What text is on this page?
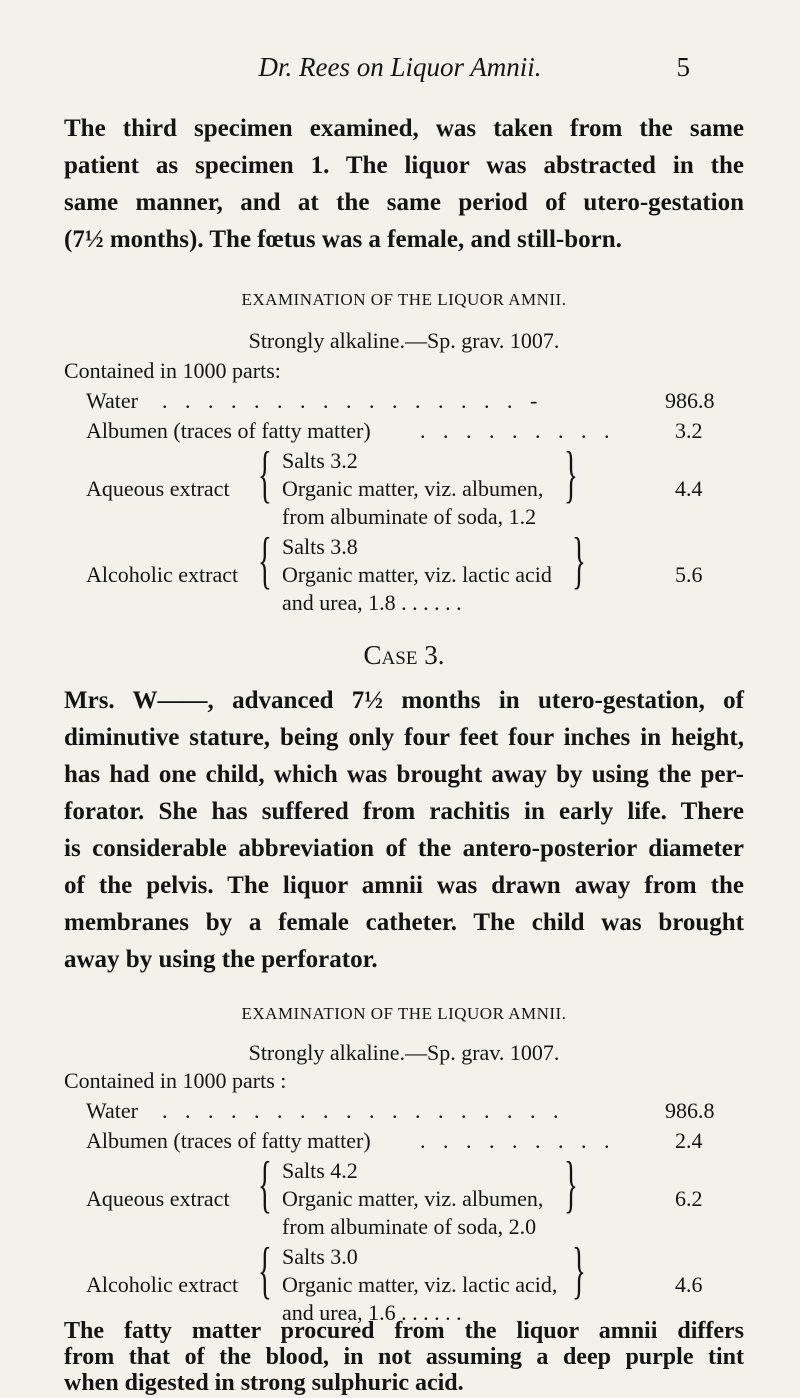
Dr. Rees on Liquor Amnii.	5
The third specimen examined, was taken from the same
patient as specimen 1. The liquor was abstracted in the
same manner, and at the same period of utero-gestation
(7½ months). The fœtus was a female, and still-born.
EXAMINATION OF THE LIQUOR AMNII.
Strongly alkaline.—Sp. grav. 1007.
Contained in 1000 parts:
Water . . . . . . . . . . . . . . . . -	986.8
Albumen (traces of fatty matter) . . . . . . . . .	3.2
Aqueous extract { Salts 3.2
Organic matter, viz. albumen,
from albuminate of soda, 1.2
}	4.4
Alcoholic extract { Salts 3.8
Organic matter, viz. lactic acid
and urea, 1.8 . . . . . .
}	5.6
Case 3.
Mrs. W——, advanced 7½ months in utero-gestation, of
diminutive stature, being only four feet four inches in height,
has had one child, which was brought away by using the per-
forator. She has suffered from rachitis in early life. There
is considerable abbreviation of the antero-posterior diameter
of the pelvis. The liquor amnii was drawn away from the
membranes by a female catheter. The child was brought
away by using the perforator.
EXAMINATION OF THE LIQUOR AMNII.
Strongly alkaline.—Sp. grav. 1007.
Contained in 1000 parts :
Water . . . . . . . . . . . . . . . . . .	986.8
Albumen (traces of fatty matter) . . . . . . . . .	2.4
Aqueous extract { Salts 4.2
Organic matter, viz. albumen,
from albuminate of soda, 2.0
}	6.2
Alcoholic extract { Salts 3.0
Organic matter, viz. lactic acid,
and urea, 1.6 . . . . . .
}	4.6
The fatty matter procured from the liquor amnii differs
from that of the blood, in not assuming a deep purple tint
when digested in strong sulphuric acid.
